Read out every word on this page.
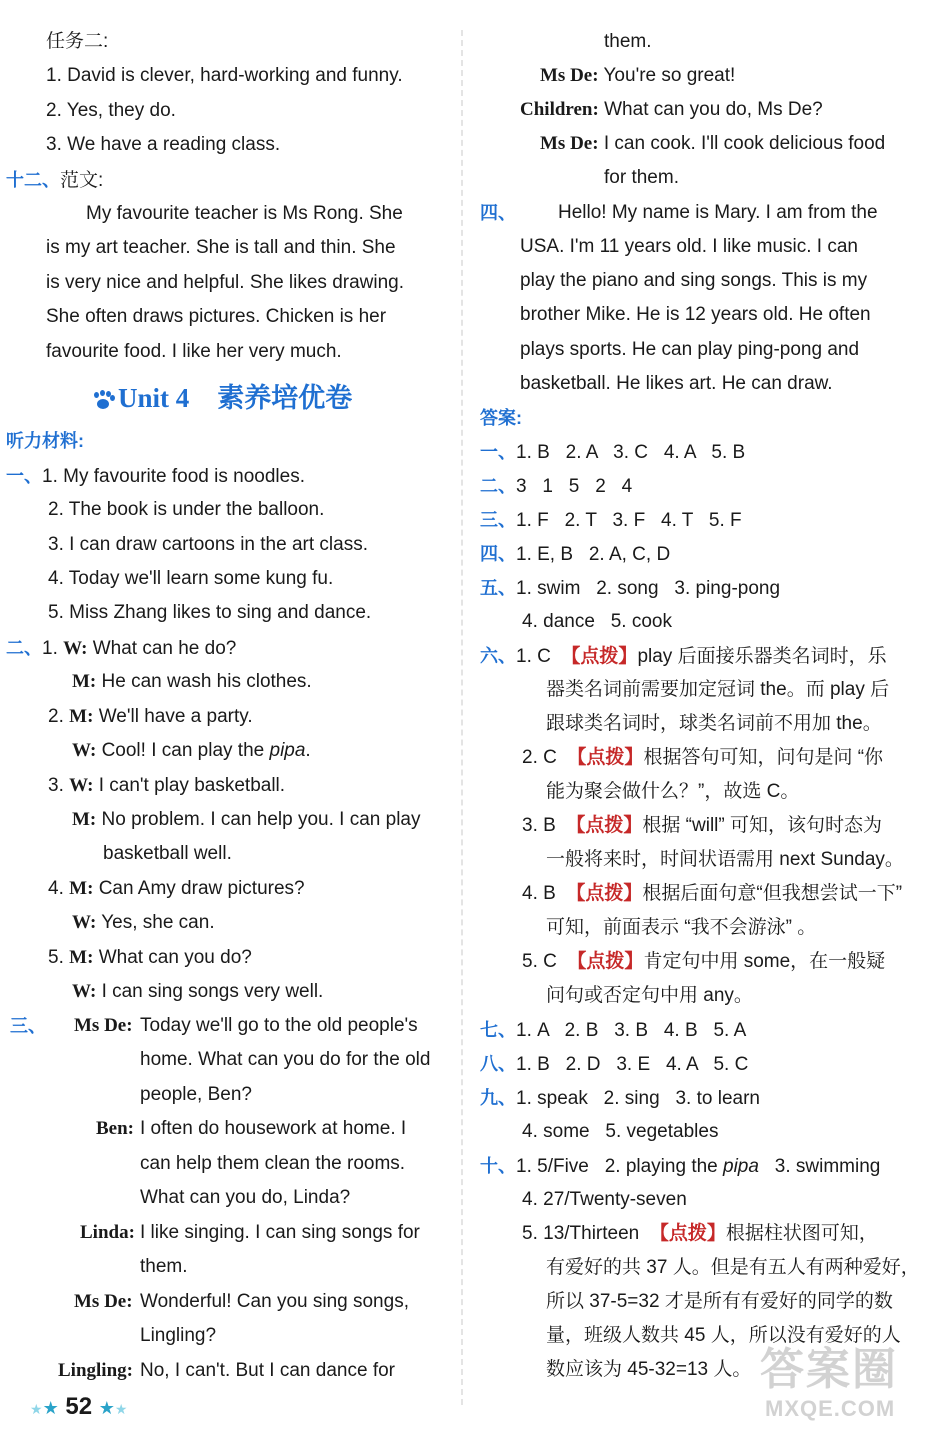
任务二:
1. David is clever, hard-working and funny.
2. Yes, they do.
3. We have a reading class.
十二、范文:
My favourite teacher is Ms Rong. She
is my art teacher. She is tall and thin. She
is very nice and helpful. She likes drawing.
She often draws pictures. Chicken is her
favourite food. I like her very much.
Unit 4 素养培优卷
听力材料:
一、1. My favourite food is noodles.
2. The book is under the balloon.
3. I can draw cartoons in the art class.
4. Today we'll learn some kung fu.
5. Miss Zhang likes to sing and dance.
二、1. W: What can he do?
M: He can wash his clothes.
2. M: We'll have a party.
W: Cool! I can play the pipa.
3. W: I can't play basketball.
M: No problem. I can help you. I can play
basketball well.
4. M: Can Amy draw pictures?
W: Yes, she can.
5. M: What can you do?
W: I can sing songs very well.
三、 Ms De: Today we'll go to the old people's
home. What can you do for the old
people, Ben?
Ben: I often do housework at home. I
can help them clean the rooms.
What can you do, Linda?
Linda: I like singing. I can sing songs for
them.
Ms De: Wonderful! Can you sing songs,
Lingling?
Lingling: No, I can't. But I can dance for
★★ 52 ★★
them.
Ms De: You're so great!
Children: What can you do, Ms De?
Ms De: I can cook. I'll cook delicious food
for them.
四、 Hello! My name is Mary. I am from the
USA. I'm 11 years old. I like music. I can
play the piano and sing songs. This is my
brother Mike. He is 12 years old. He often
plays sports. He can play ping-pong and
basketball. He likes art. He can draw.
答案:
一、1. B   2. A   3. C   4. A   5. B
二、3   1   5   2   4
三、1. F   2. T   3. F   4. T   5. F
四、1. E, B   2. A, C, D
五、1. swim   2. song   3. ping-pong
4. dance   5. cook
六、1. C 【点拨】play 后面接乐器类名词时，乐
器类名词前需要加定冠词 the。而 play 后
跟球类名词时，球类名词前不用加 the。
2. C 【点拨】根据答句可知，问句是问 “你
能为聚会做什么？”，故选 C。
3. B 【点拨】根据 “will” 可知，该句时态为
一般将来时，时间状语需用 next Sunday。
4. B 【点拨】根据后面句意“但我想尝试一下”
可知，前面表示 “我不会游泳” 。
5. C 【点拨】肯定句中用 some，在一般疑
问句或否定句中用 any。
七、1. A   2. B   3. B   4. B   5. A
八、1. B   2. D   3. E   4. A   5. C
九、1. speak   2. sing   3. to learn
4. some   5. vegetables
十、1. 5/Five   2. playing the pipa   3. swimming
4. 27/Twenty-seven
5. 13/Thirteen 【点拨】根据柱状图可知，
有爱好的共 37 人。但是有五人有两种爱好，
所以 37-5=32 才是所有有爱好的同学的数
量，班级人数共 45 人，所以没有爱好的人
数应该为 45-32=13 人。 答案圈
MXQE.COM
